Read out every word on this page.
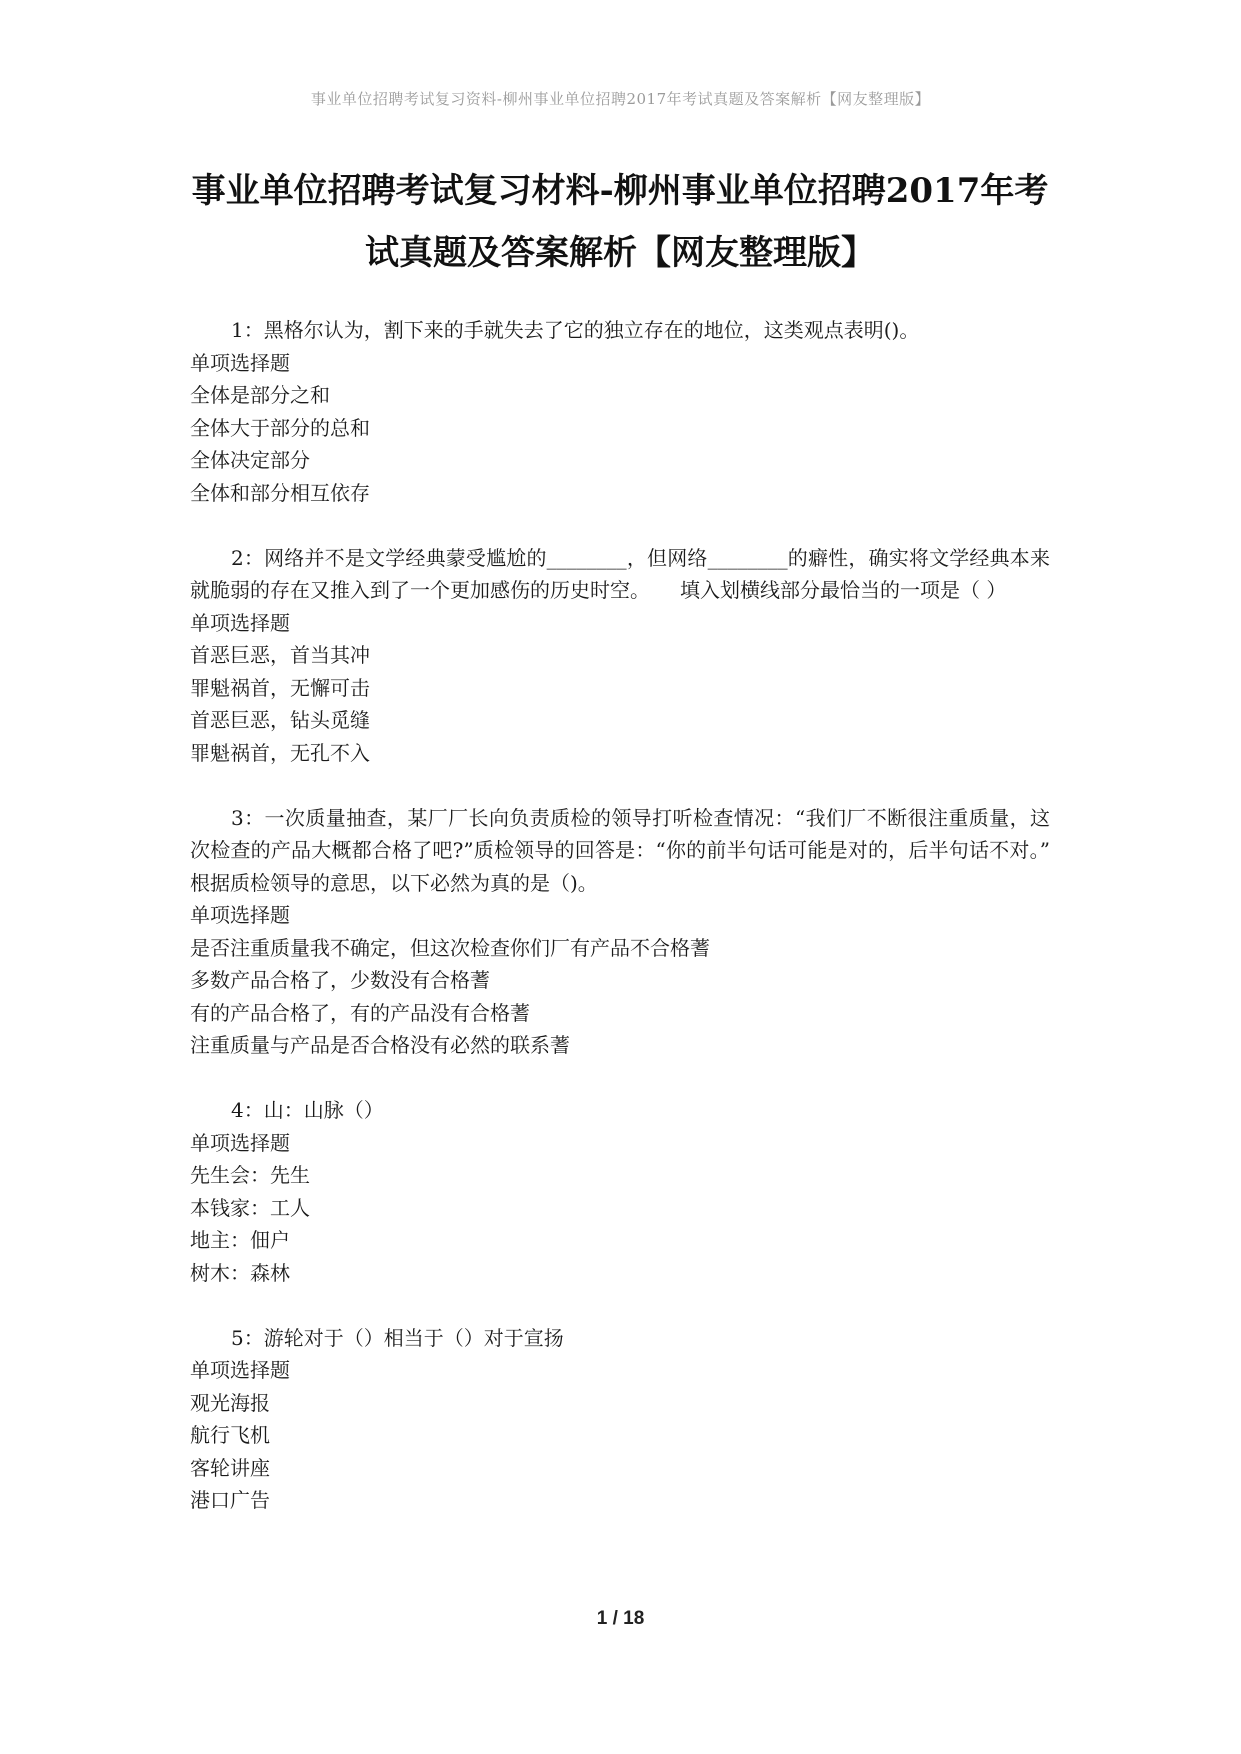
事业单位招聘考试复习资料-柳州事业单位招聘2017年考试真题及答案解析【网友整理版】
事业单位招聘考试复习材料-柳州事业单位招聘2017年考试真题及答案解析【网友整理版】

1：黑格尔认为，割下来的手就失去了它的独立存在的地位，这类观点表明()。

单项选择题

全体是部分之和

全体大于部分的总和

全体决定部分

全体和部分相互依存

2：网络并不是文学经典蒙受尴尬的________，但网络________的癖性，确实将文学经典本来就脆弱的存在又推入到了一个更加感伤的历史时空。　　填入划横线部分最恰当的一项是（ ）

单项选择题

首恶巨恶，首当其冲

罪魁祸首，无懈可击

首恶巨恶，钻头觅缝

罪魁祸首，无孔不入

3：一次质量抽查，某厂厂长向负责质检的领导打听检查情况：“我们厂不断很注重质量，这次检查的产品大概都合格了吧?”质检领导的回答是：“你的前半句话可能是对的，后半句话不对。”　根据质检领导的意思，以下必然为真的是（)。

单项选择题

是否注重质量我不确定，但这次检查你们厂有产品不合格蓍

多数产品合格了，少数没有合格蓍

有的产品合格了，有的产品没有合格蓍

注重质量与产品是否合格没有必然的联系蓍

4：山：山脉（）

单项选择题

先生会：先生

本钱家：工人

地主：佃户

树木：森林

5：游轮对于（）相当于（）对于宣扬

单项选择题

观光海报

航行飞机

客轮讲座

港口广告

1 / 18
